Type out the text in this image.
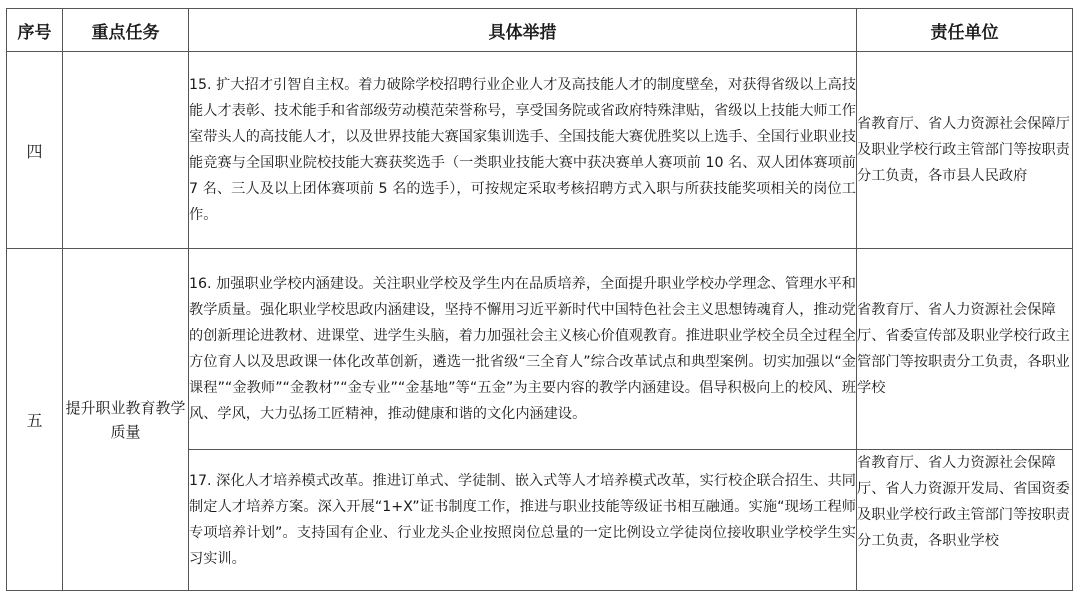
序号	重点任务	具体举措	责任单位
四		15. 扩大招才引智自主权。着力破除学校招聘行业企业人才及高技能人才的制度壁垒，对获得省级以上高技能人才表彰、技术能手和省部级劳动模范荣誉称号，享受国务院或省政府特殊津贴，省级以上技能大师工作室带头人的高技能人才，以及世界技能大赛国家集训选手、全国技能大赛优胜奖以上选手、全国行业职业技能竞赛与全国职业院校技能大赛获奖选手（一类职业技能大赛中获决赛单人赛项前 10 名、双人团体赛项前 7 名、三人及以上团体赛项前 5 名的选手），可按规定采取考核招聘方式入职与所获技能奖项相关的岗位工作。	省教育厅、省人力资源社会保障厅及职业学校行政主管部门等按职责分工负责，各市县人民政府
五	提升职业教育教学质量	16. 加强职业学校内涵建设。关注职业学校及学生内在品质培养，全面提升职业学校办学理念、管理水平和教学质量。强化职业学校思政内涵建设，坚持不懈用习近平新时代中国特色社会主义思想铸魂育人，推动党的创新理论进教材、进课堂、进学生头脑，着力加强社会主义核心价值观教育。推进职业学校全员全过程全方位育人以及思政课一体化改革创新，遴选一批省级“三全育人”综合改革试点和典型案例。切实加强以“金课程”“金教师”“金教材”“金专业”“金基地”等“五金”为主要内容的教学内涵建设。倡导积极向上的校风、班风、学风，大力弘扬工匠精神，推动健康和谐的文化内涵建设。	省教育厅、省人力资源社会保障厅、省委宣传部及职业学校行政主管部门等按职责分工负责，各职业学校
		17. 深化人才培养模式改革。推进订单式、学徒制、嵌入式等人才培养模式改革，实行校企联合招生、共同制定人才培养方案。深入开展“1+X”证书制度工作，推进与职业技能等级证书相互融通。实施“现场工程师专项培养计划”。支持国有企业、行业龙头企业按照岗位总量的一定比例设立学徒岗位接收职业学校学生实习实训。	省教育厅、省人力资源社会保障厅、省人力资源开发局、省国资委及职业学校行政主管部门等按职责分工负责，各职业学校
